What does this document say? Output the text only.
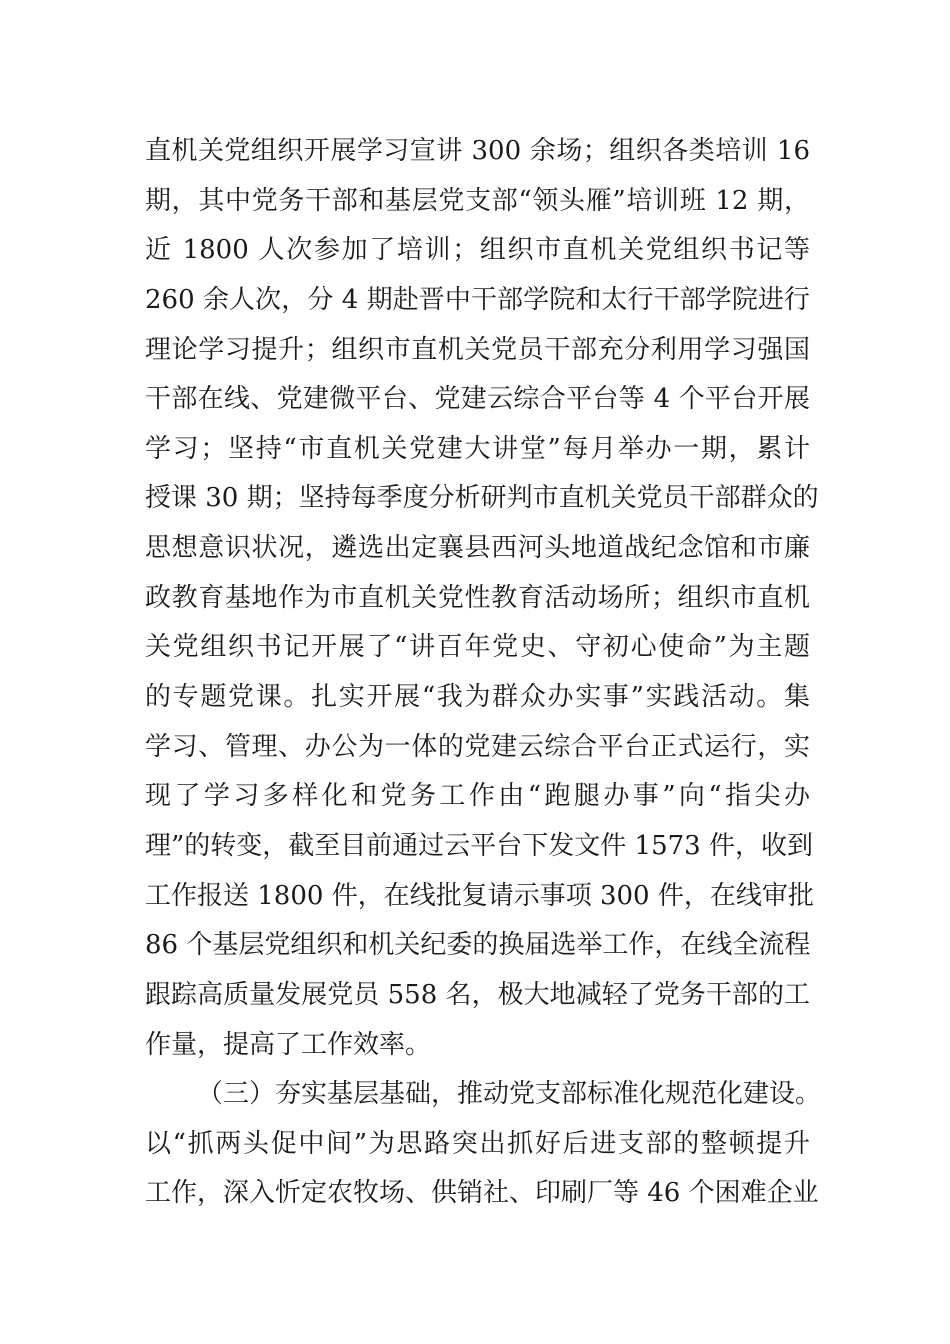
直机关党组织开展学习宣讲 300 余场；组织各类培训 16
期，其中党务干部和基层党支部“领头雁”培训班 12 期，
近 1800 人次参加了培训；组织市直机关党组织书记等
260 余人次，分 4 期赴晋中干部学院和太行干部学院进行
理论学习提升；组织市直机关党员干部充分利用学习强国
干部在线、党建微平台、党建云综合平台等 4 个平台开展
学习；坚持“市直机关党建大讲堂”每月举办一期，累计
授课 30 期；坚持每季度分析研判市直机关党员干部群众的
思想意识状况，遴选出定襄县西河头地道战纪念馆和市廉
政教育基地作为市直机关党性教育活动场所；组织市直机
关党组织书记开展了“讲百年党史、守初心使命”为主题
的专题党课。扎实开展“我为群众办实事”实践活动。集
学习、管理、办公为一体的党建云综合平台正式运行，实
现了学习多样化和党务工作由“跑腿办事”向“指尖办
理”的转变，截至目前通过云平台下发文件 1573 件，收到
工作报送 1800 件，在线批复请示事项 300 件，在线审批
86 个基层党组织和机关纪委的换届选举工作，在线全流程
跟踪高质量发展党员 558 名，极大地减轻了党务干部的工
作量，提高了工作效率。
（三）夯实基层基础，推动党支部标准化规范化建设。
以“抓两头促中间”为思路突出抓好后进支部的整顿提升
工作，深入忻定农牧场、供销社、印刷厂等 46 个困难企业
